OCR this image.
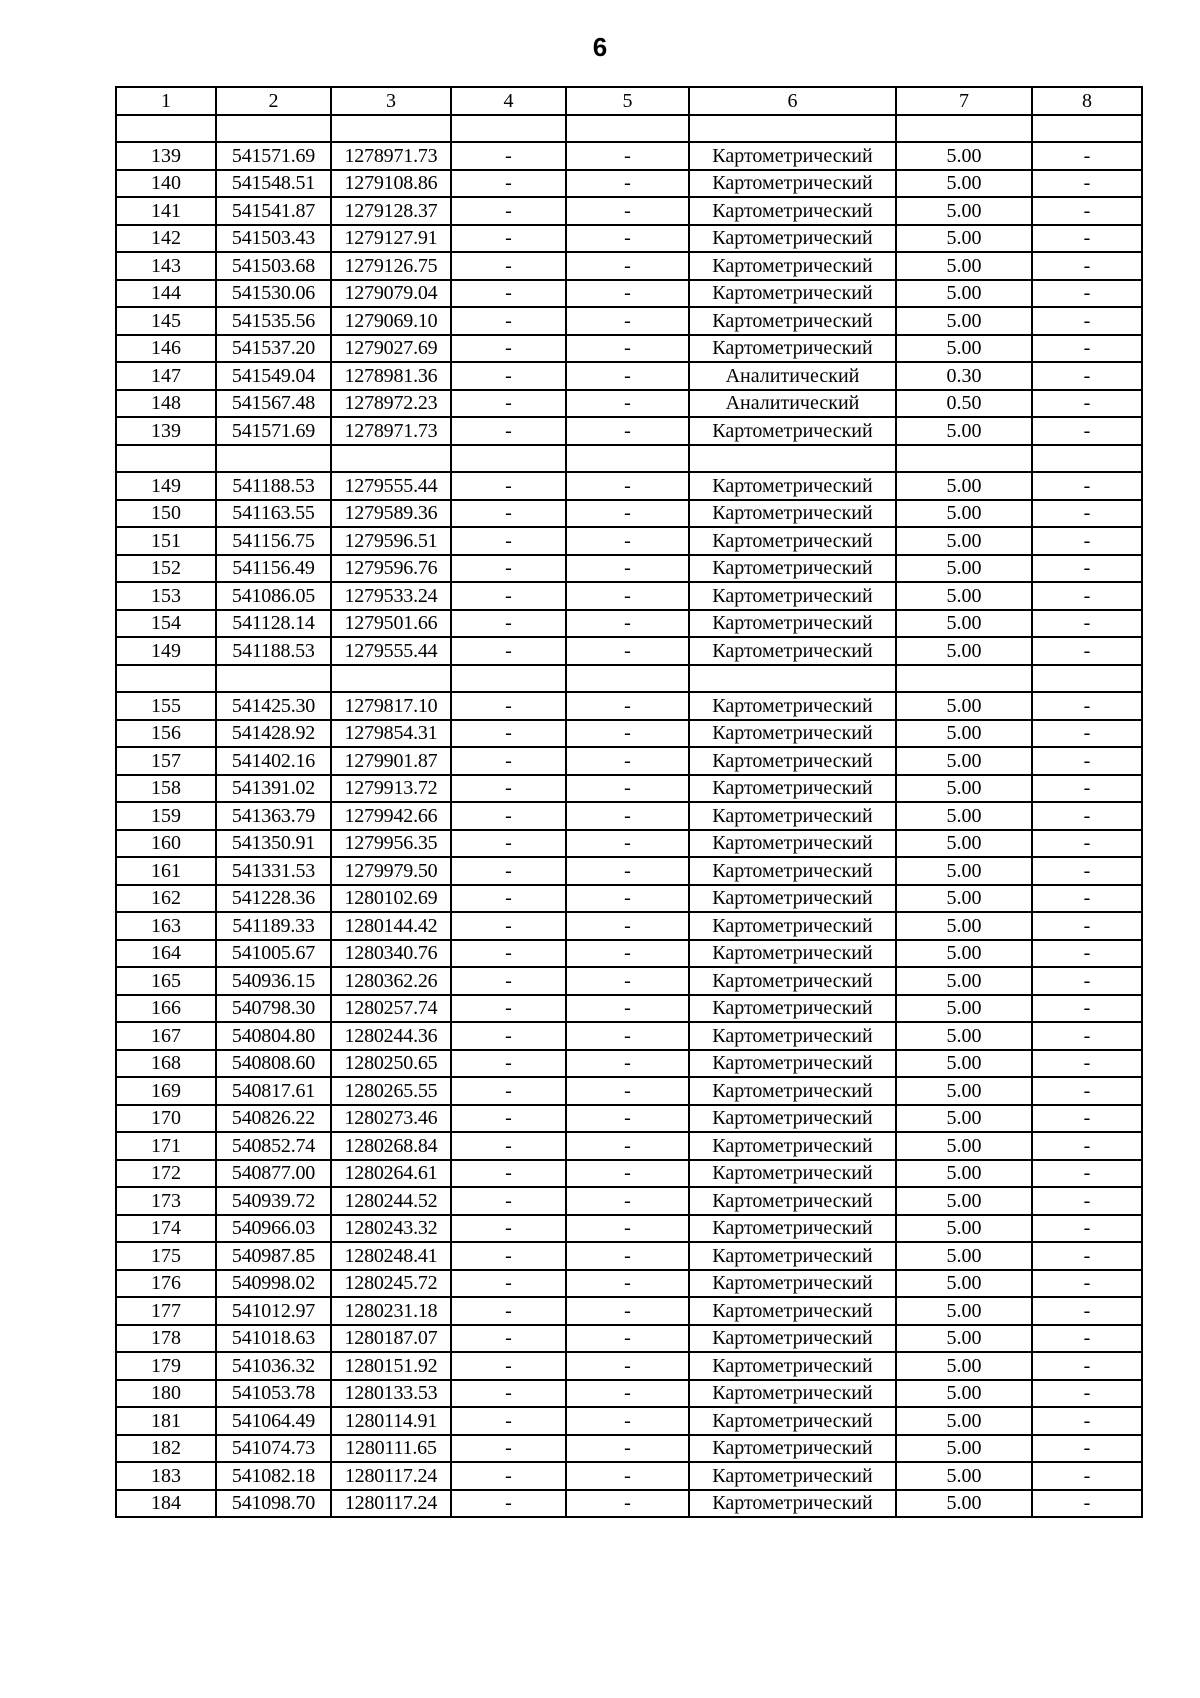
6
1	2	3	4	5	6	7	8

139	541571.69	1278971.73	-	-	Картометрический	5.00	-
140	541548.51	1279108.86	-	-	Картометрический	5.00	-
141	541541.87	1279128.37	-	-	Картометрический	5.00	-
142	541503.43	1279127.91	-	-	Картометрический	5.00	-
143	541503.68	1279126.75	-	-	Картометрический	5.00	-
144	541530.06	1279079.04	-	-	Картометрический	5.00	-
145	541535.56	1279069.10	-	-	Картометрический	5.00	-
146	541537.20	1279027.69	-	-	Картометрический	5.00	-
147	541549.04	1278981.36	-	-	Аналитический	0.30	-
148	541567.48	1278972.23	-	-	Аналитический	0.50	-
139	541571.69	1278971.73	-	-	Картометрический	5.00	-

149	541188.53	1279555.44	-	-	Картометрический	5.00	-
150	541163.55	1279589.36	-	-	Картометрический	5.00	-
151	541156.75	1279596.51	-	-	Картометрический	5.00	-
152	541156.49	1279596.76	-	-	Картометрический	5.00	-
153	541086.05	1279533.24	-	-	Картометрический	5.00	-
154	541128.14	1279501.66	-	-	Картометрический	5.00	-
149	541188.53	1279555.44	-	-	Картометрический	5.00	-

155	541425.30	1279817.10	-	-	Картометрический	5.00	-
156	541428.92	1279854.31	-	-	Картометрический	5.00	-
157	541402.16	1279901.87	-	-	Картометрический	5.00	-
158	541391.02	1279913.72	-	-	Картометрический	5.00	-
159	541363.79	1279942.66	-	-	Картометрический	5.00	-
160	541350.91	1279956.35	-	-	Картометрический	5.00	-
161	541331.53	1279979.50	-	-	Картометрический	5.00	-
162	541228.36	1280102.69	-	-	Картометрический	5.00	-
163	541189.33	1280144.42	-	-	Картометрический	5.00	-
164	541005.67	1280340.76	-	-	Картометрический	5.00	-
165	540936.15	1280362.26	-	-	Картометрический	5.00	-
166	540798.30	1280257.74	-	-	Картометрический	5.00	-
167	540804.80	1280244.36	-	-	Картометрический	5.00	-
168	540808.60	1280250.65	-	-	Картометрический	5.00	-
169	540817.61	1280265.55	-	-	Картометрический	5.00	-
170	540826.22	1280273.46	-	-	Картометрический	5.00	-
171	540852.74	1280268.84	-	-	Картометрический	5.00	-
172	540877.00	1280264.61	-	-	Картометрический	5.00	-
173	540939.72	1280244.52	-	-	Картометрический	5.00	-
174	540966.03	1280243.32	-	-	Картометрический	5.00	-
175	540987.85	1280248.41	-	-	Картометрический	5.00	-
176	540998.02	1280245.72	-	-	Картометрический	5.00	-
177	541012.97	1280231.18	-	-	Картометрический	5.00	-
178	541018.63	1280187.07	-	-	Картометрический	5.00	-
179	541036.32	1280151.92	-	-	Картометрический	5.00	-
180	541053.78	1280133.53	-	-	Картометрический	5.00	-
181	541064.49	1280114.91	-	-	Картометрический	5.00	-
182	541074.73	1280111.65	-	-	Картометрический	5.00	-
183	541082.18	1280117.24	-	-	Картометрический	5.00	-
184	541098.70	1280117.24	-	-	Картометрический	5.00	-
